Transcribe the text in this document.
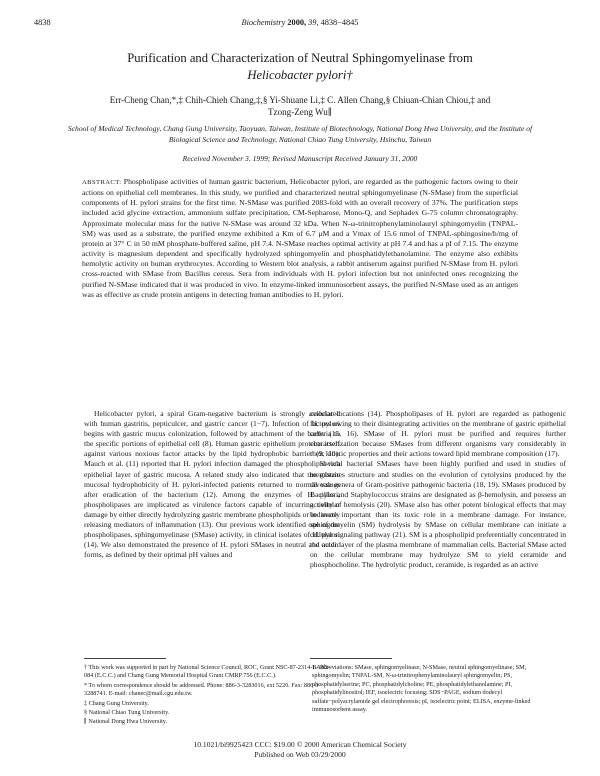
4838	Biochemistry 2000, 39, 4838−4845
Purification and Characterization of Neutral Sphingomyelinase from
Helicobacter pylori†
Err-Cheng Chan,*,‡ Chih-Chieh Chang,‡,§ Yi-Shuane Li,‡ C. Allen Chang,§ Chiuan-Chian Chiou,‡ and
Tzong-Zeng Wu∥
School of Medical Technology, Chang Gung University, Taoyuan, Taiwan, Institute of Biotechnology, National Dong Hwa University, and the Institute of Biological Science and Technology, National Chiao Tung University, Hsinchu, Taiwan
Received November 3, 1999; Revised Manuscript Received January 31, 2000
ABSTRACT: Phospholipase activities of human gastric bacterium, Helicobacter pylori, are regarded as the pathogenic factors owing to their actions on epithelial cell membranes. In this study, we purified and characterized neutral sphingomyelinase (N-SMase) from the superficial components of H. pylori strains for the first time. N-SMase was purified 2083-fold with an overall recovery of 37%. The purification steps included acid glycine extraction, ammonium sulfate precipitation, CM-Sepharose, Mono-Q, and Sephadex G-75 column chromatography. Approximate molecular mass for the native N-SMase was around 32 kDa. When N-ω-trinitrophenylaminolauryl sphingomyelin (TNPAL-SM) was used as a substrate, the purified enzyme exhibited a Km of 6.7 μM and a Vmax of 15.6 nmol of TNPAL-sphingosine/h/mg of protein at 37° C in 50 mM phosphate-buffered saline, pH 7.4. N-SMase reaches optimal activity at pH 7.4 and has a pI of 7.15. The enzyme activity is magnesium dependent and specifically hydrolyzed sphingomyelin and phosphatidylethanolamine. The enzyme also exhibits hemolytic activity on human erythrocytes. According to Western blot analysis, a rabbit antiserum against purified N-SMase from H. pylori cross-reacted with SMase from Bacillus cereus. Sera from individuals with H. pylori infection but not uninfected ones recognizing the purified N-SMase indicated that it was produced in vivo. In enzyme-linked immunosorbent assays, the purified N-SMase used as an antigen was as effective as crude protein antigens in detecting human antibodies to H. pylori.

Helicobacter pylori, a spiral Gram-negative bacterium is strongly associated with human gastritis, pepticulcer, and gastric cancer (1−7). Infection of H. pylori begins with gastric mucus colonization, followed by attachment of the bacteria to the specific portions of epithelial cell (8). Human gastric epithelium protects itself against various noxious factor attacks by the lipid hydrophobic barrier (9, 10). Mauch et al. (11) reported that H. pylori infection damaged the phospholipid-rich epithelial layer of gastric mucosa. A related study also indicated that the gastric mucosal hydrophobicity of H. pylori-infected patients returned to normal values after eradication of the bacterium (12). Among the enzymes of H. pylori, phospholipases are implicated as virulence factors capable of incurring cellular damage by either directly hydrolyzing gastric membrane phospholipids or indirectly releasing mediators of inflammation (13). Our previous work identified one of the phospholipases, sphingomyelinase (SMase) activity, in clinical isolates of H. pylori (14). We also demonstrated the presence of H. pylori SMases in neutral and acidic forms, as defined by their optimal pH values and

cellular locations (14). Phospholipases of H. pylori are regarded as pathogenic factors owing to their disintegrating activities on the membrane of gastric epithelial cells (15, 16). SMase of H. pylori must be purified and requires further characterization because SMases from different organisms vary considerably in their kinetic properties and their actions toward lipid membrane composition (17).

Several bacterial SMases have been highly purified and used in studies of membranes structure and studies on the evolution of cytolysins produced by the diverse genera of Gram-positive pathogenic bacteria (18, 19). SMases produced by Bacillus and Staphylococcus strains are designated as β-hemolysin, and possess an activity of hemolysis (20). SMase also has other potent biological effects that may be more important than its toxic role in a membrane damage. For instance, sphingomyelin (SM) hydrolysis by SMase on cellular membrane can initiate a cellular signaling pathway (21). SM is a phospholipid preferentially concentrated in the outer layer of the plasma membrane of mammalian cells. Bacterial SMase acted on the cellular membrane may hydrolyze SM to yield ceramide and phosphocholine. The hydrolytic product, ceramide, is regarded as an active

† This work was supported in part by National Science Council, ROC, Grant NSC-87-2314-B-182-084 (E.C.C.) and Chang Gung Memorial Hospital Grant CMRP 756 (E.C.C.).
* To whom correspondence should be addressed. Phone: 886-3-3283016, ext 5220. Fax: 886-3-3288741. E-mail: chanec@mail.cgu.edu.tw.
‡ Chang Gung University.
§ National Chiao Tung University.
∥ National Dong Hwa University.
1 Abbreviations: SMase, sphingomyelinase; N-SMase, neutral sphingomyelinase; SM, sphingomyelin; TNPAL-SM, N-ω-trinitrophenylaminolauryl sphingomyelin; PS, phosphatidylserine; PC, phosphatidylcholine; PE, phosphatidylethanolamine; PI, phosphatidylinositol; IEF, isoelectric focusing; SDS−PAGE, sodium dodecyl sulfate−polyacrylamide gel electrophoresis; pI, isoelectric point; ELISA, enzyme-linked immunosorbent assay.
10.1021/bi9925423 CCC: $19.00 © 2000 American Chemical Society
Published on Web 03/29/2000
